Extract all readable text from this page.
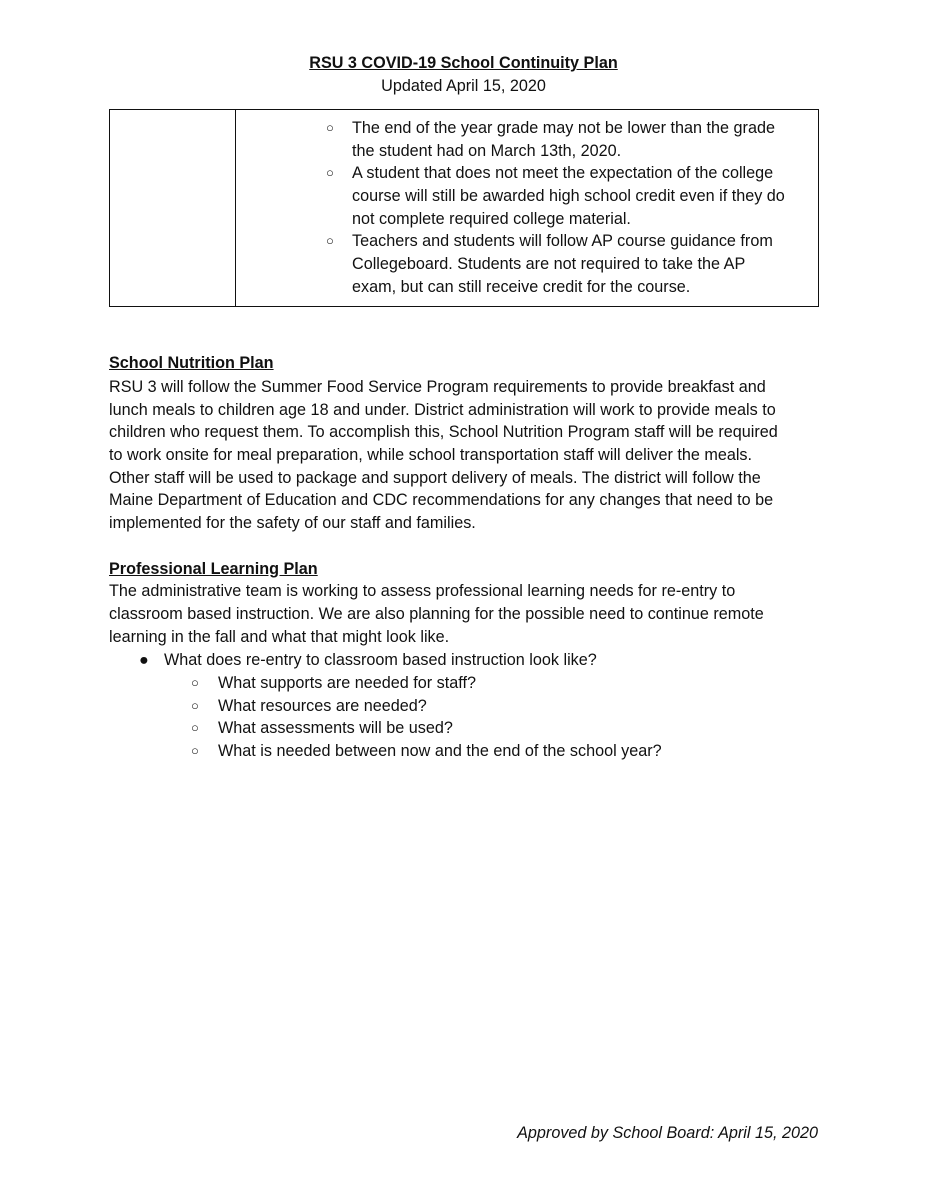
RSU 3 COVID-19 School Continuity Plan
Updated April 15, 2020
○ The end of the year grade may not be lower than the grade
the student had on March 13th, 2020.
○ A student that does not meet the expectation of the college
course will still be awarded high school credit even if they do
not complete required college material.
○ Teachers and students will follow AP course guidance from
Collegeboard. Students are not required to take the AP
exam, but can still receive credit for the course.
School Nutrition Plan
RSU 3 will follow the Summer Food Service Program requirements to provide breakfast and
lunch meals to children age 18 and under. District administration will work to provide meals to
children who request them. To accomplish this, School Nutrition Program staff will be required
to work onsite for meal preparation, while school transportation staff will deliver the meals.
Other staff will be used to package and support delivery of meals. The district will follow the
Maine Department of Education and CDC recommendations for any changes that need to be
implemented for the safety of our staff and families.
Professional Learning Plan
The administrative team is working to assess professional learning needs for re-entry to
classroom based instruction. We are also planning for the possible need to continue remote
learning in the fall and what that might look like.
● What does re-entry to classroom based instruction look like?
○ What supports are needed for staff?
○ What resources are needed?
○ What assessments will be used?
○ What is needed between now and the end of the school year?
Approved by School Board: April 15, 2020
